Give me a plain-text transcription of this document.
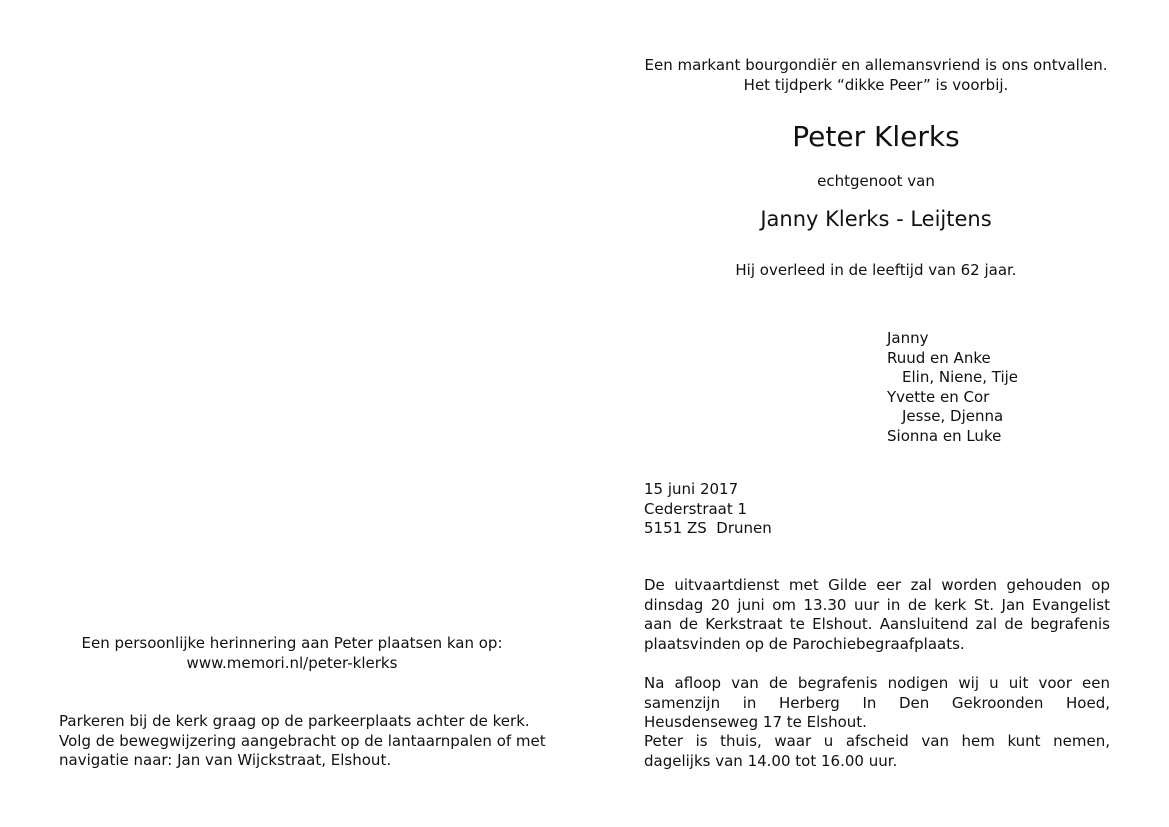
Een persoonlijke herinnering aan Peter plaatsen kan op:
www.memori.nl/peter-klerks
Parkeren bij de kerk graag op de parkeerplaats achter de kerk.
Volg de bewegwijzering aangebracht op de lantaarnpalen of met
navigatie naar: Jan van Wijckstraat, Elshout.
Een markant bourgondiër en allemansvriend is ons ontvallen.
Het tijdperk “dikke Peer” is voorbij.
Peter Klerks
echtgenoot van
Janny Klerks - Leijtens
Hij overleed in de leeftijd van 62 jaar.
Janny
Ruud en Anke
Elin, Niene, Tije
Yvette en Cor
Jesse, Djenna
Sionna en Luke
15 juni 2017
Cederstraat 1
5151 ZS  Drunen

De uitvaartdienst met Gilde eer zal worden gehouden op dinsdag 20 juni om 13.30 uur in de kerk St. Jan Evangelist aan de Kerkstraat te Elshout. Aansluitend zal de begrafenis plaatsvinden op de Parochiebegraafplaats.

Na afloop van de begrafenis nodigen wij u uit voor een samenzijn in Herberg In Den Gekroonden Hoed, Heusdenseweg 17 te Elshout.

Peter is thuis, waar u afscheid van hem kunt nemen, dagelijks van 14.00 tot 16.00 uur.
